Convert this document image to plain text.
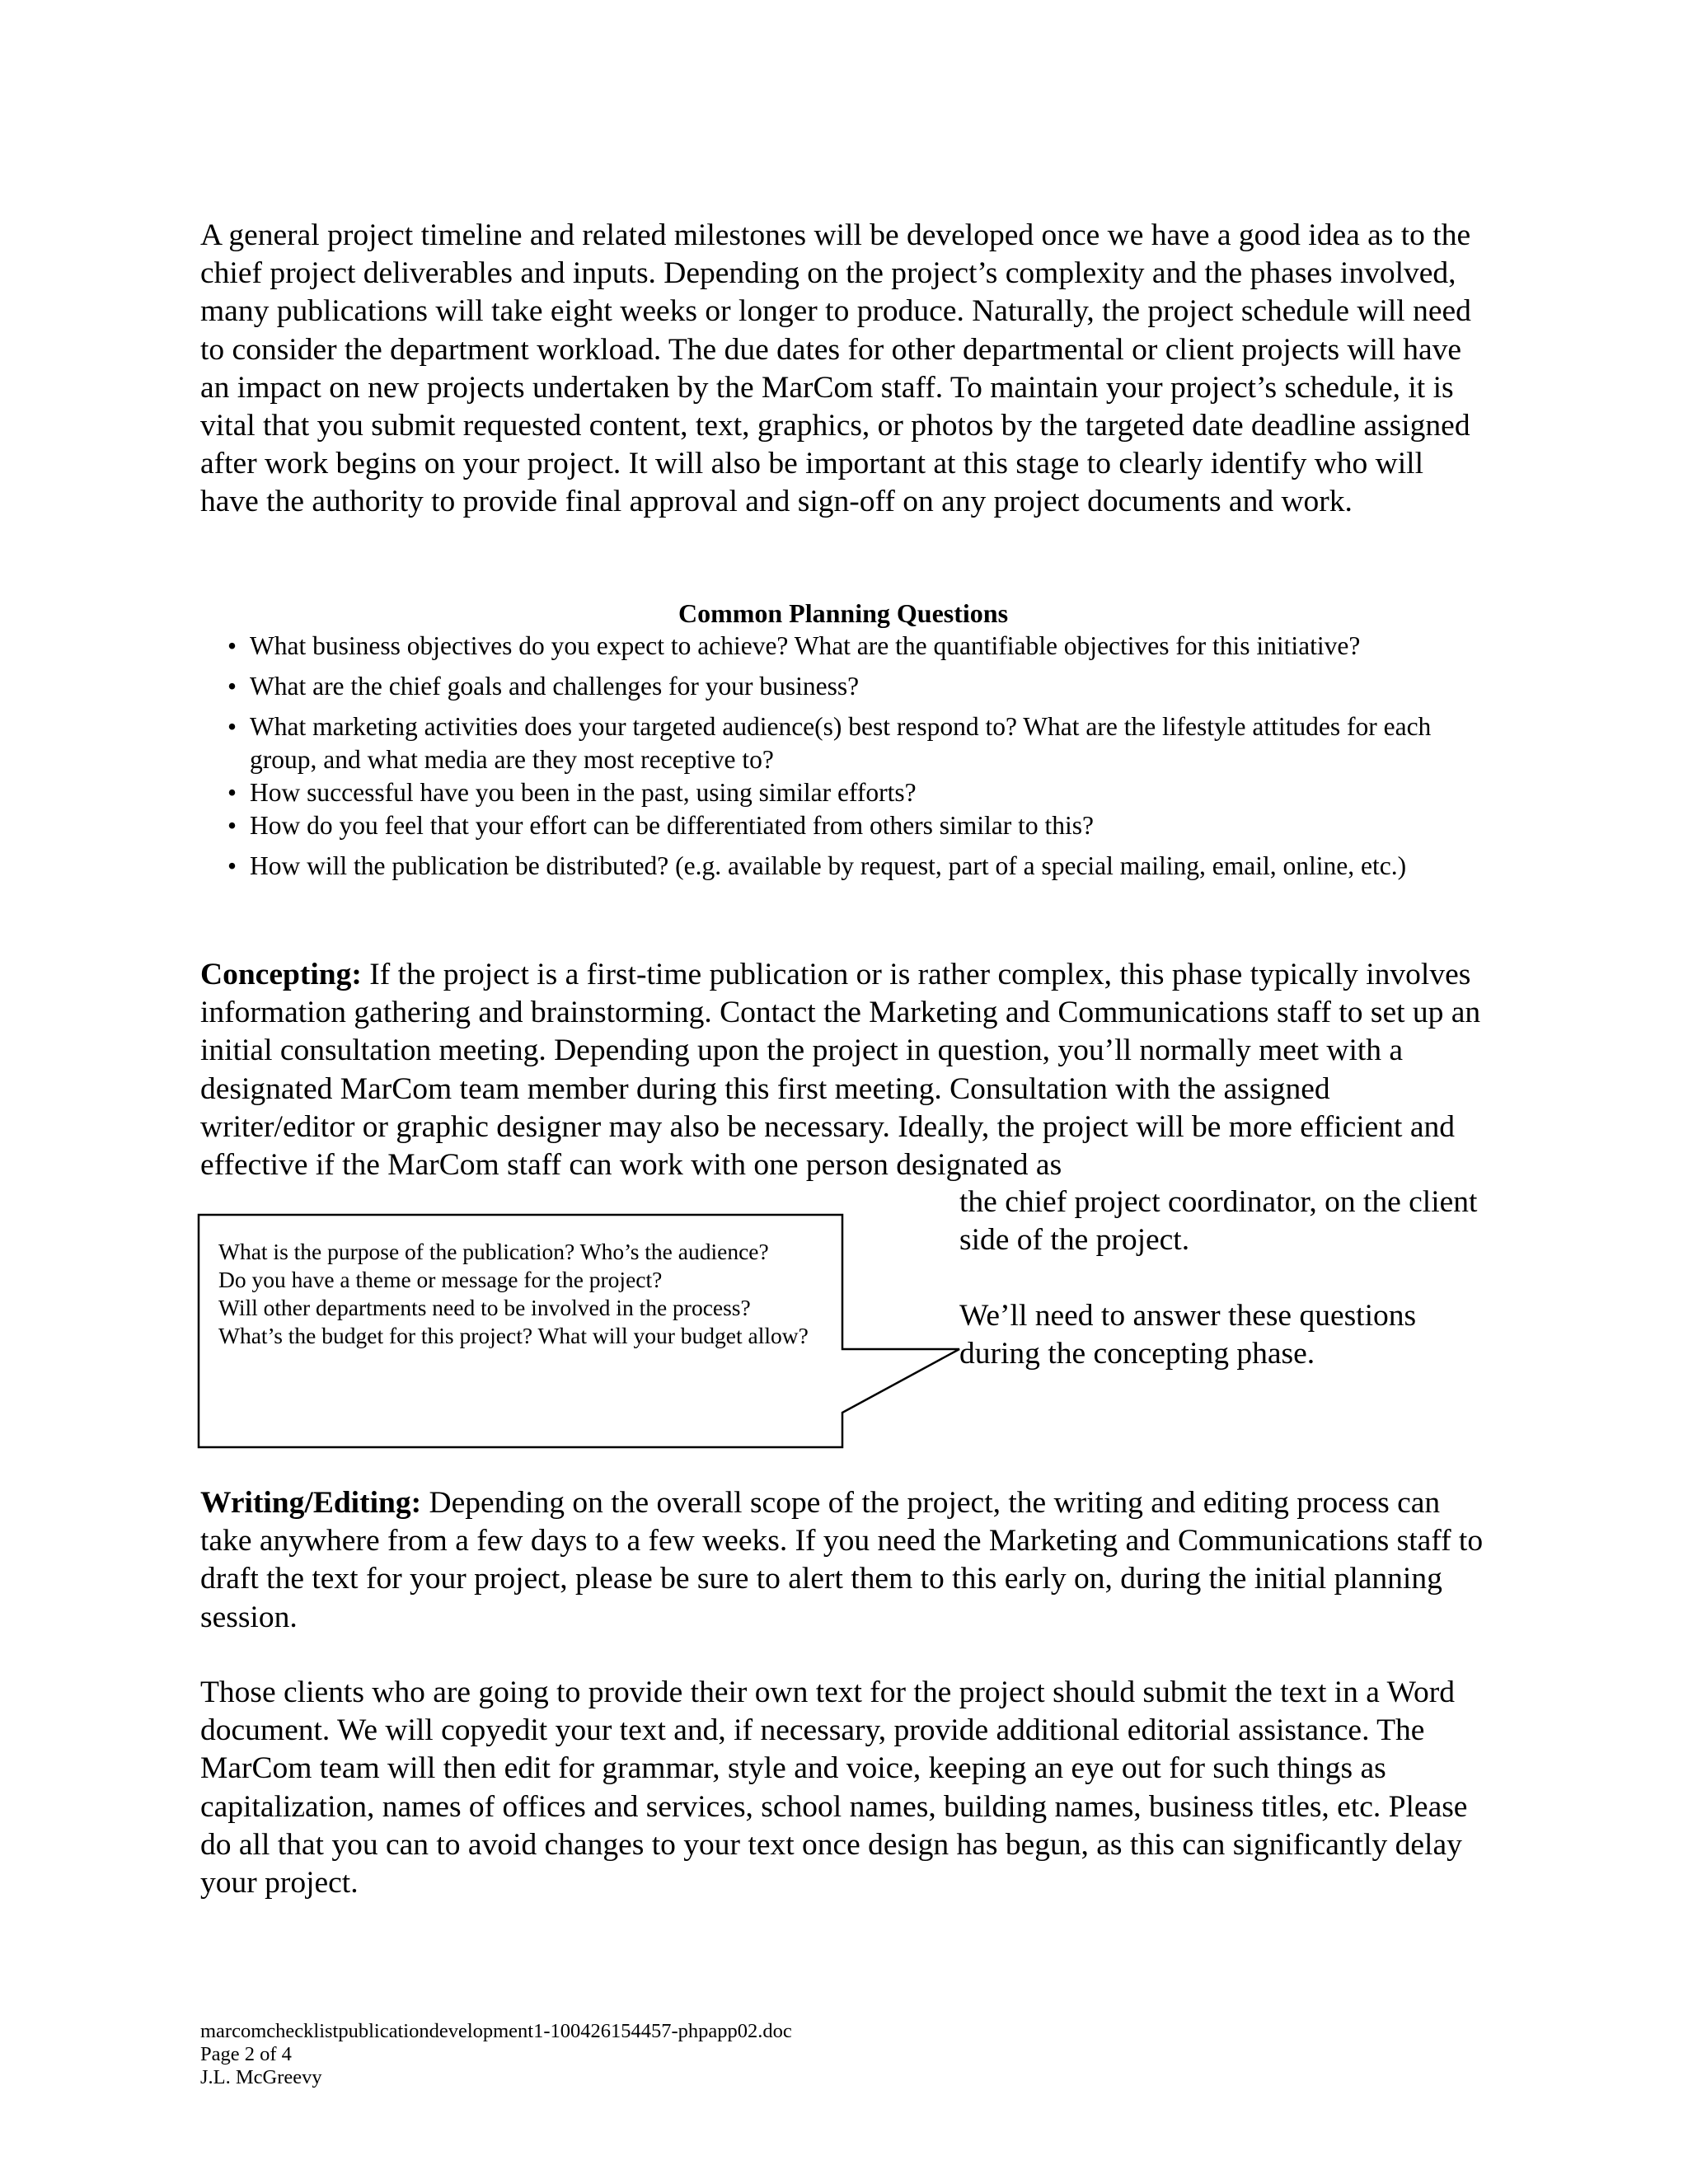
A general project timeline and related milestones will be developed once we have a good idea as to the chief project deliverables and inputs. Depending on the project’s complexity and the phases involved, many publications will take eight weeks or longer to produce. Naturally, the project schedule will need to consider the department workload. The due dates for other departmental or client projects will have an impact on new projects undertaken by the MarCom staff. To maintain your project’s schedule, it is vital that you submit requested content, text, graphics, or photos by the targeted date deadline assigned after work begins on your project. It will also be important at this stage to clearly identify who will have the authority to provide final approval and sign-off on any project documents and work.

Common Planning Questions

• What business objectives do you expect to achieve? What are the quantifiable objectives for this initiative?
• What are the chief goals and challenges for your business?
• What marketing activities does your targeted audience(s) best respond to? What are the lifestyle attitudes for each group, and what media are they most receptive to?
• How successful have you been in the past, using similar efforts?
• How do you feel that your effort can be differentiated from others similar to this?
• How will the publication be distributed? (e.g. available by request, part of a special mailing, email, online, etc.)

Concepting: If the project is a first-time publication or is rather complex, this phase typically involves information gathering and brainstorming. Contact the Marketing and Communications staff to set up an initial consultation meeting. Depending upon the project in question, you’ll normally meet with a designated MarCom team member during this first meeting. Consultation with the assigned writer/editor or graphic designer may also be necessary. Ideally, the project will be more efficient and effective if the MarCom staff can work with one person designated as

the chief project coordinator, on the client side of the project.

We’ll need to answer these questions during the concepting phase.

What is the purpose of the publication? Who’s the audience?
Do you have a theme or message for the project?
Will other departments need to be involved in the process?
What’s the budget for this project? What will your budget allow?

Writing/Editing: Depending on the overall scope of the project, the writing and editing process can take anywhere from a few days to a few weeks. If you need the Marketing and Communications staff to draft the text for your project, please be sure to alert them to this early on, during the initial planning session.

Those clients who are going to provide their own text for the project should submit the text in a Word document. We will copyedit your text and, if necessary, provide additional editorial assistance. The MarCom team will then edit for grammar, style and voice, keeping an eye out for such things as capitalization, names of offices and services, school names, building names, business titles, etc. Please do all that you can to avoid changes to your text once design has begun, as this can significantly delay your project.

marcomchecklistpublicationdevelopment1-100426154457-phpapp02.doc
Page 2 of 4
J.L. McGreevy
